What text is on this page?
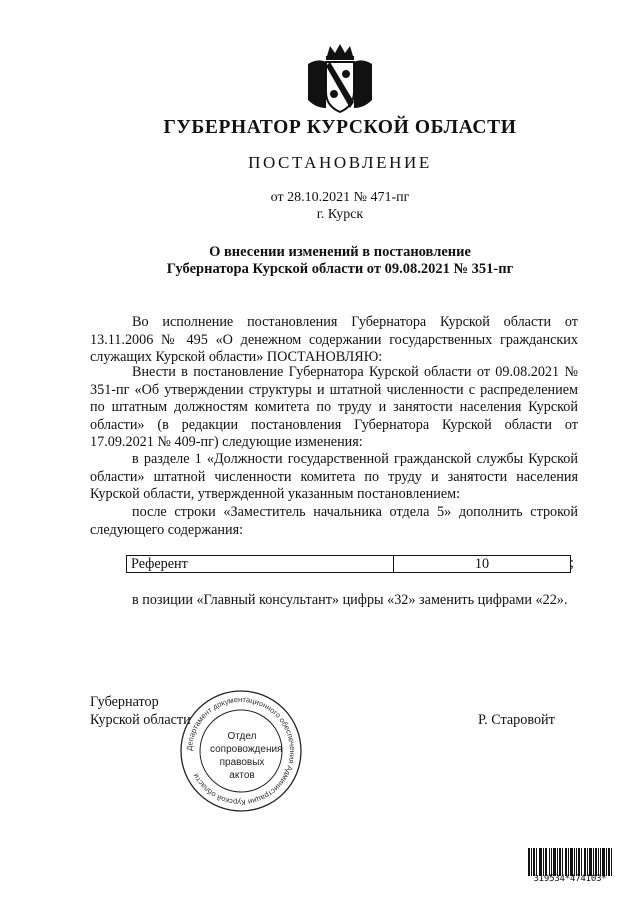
ГУБЕРНАТОР КУРСКОЙ ОБЛАСТИ
ПОСТАНОВЛЕНИЕ
от 28.10.2021 № 471-пг
г. Курск
О внесении изменений в постановление
Губернатора Курской области от 09.08.2021 № 351-пг

Во исполнение постановления Губернатора Курской области от 13.11.2006 № 495 «О денежном содержании государственных гражданских служащих Курской области» ПОСТАНОВЛЯЮ:

Внести в постановление Губернатора Курской области от 09.08.2021 № 351-пг «Об утверждении структуры и штатной численности с распределением по штатным должностям комитета по труду и занятости населения Курской области» (в редакции постановления Губернатора Курской области от 17.09.2021 № 409-пг) следующие изменения:

в разделе 1 «Должности государственной гражданской службы Курской области» штатной численности комитета по труду и занятости населения Курской области, утвержденной указанным постановлением:

после строки «Заместитель начальника отдела 5» дополнить строкой следующего содержания:

Референт	10	;

в позиции «Главный консультант» цифры «32» заменить цифрами «22».

Губернатор
Курской области	Р. Старовойт
Департамент документационного обеспечения Администрации Курской области
Отдел
сопровождения
правовых
актов
319534*474103*
